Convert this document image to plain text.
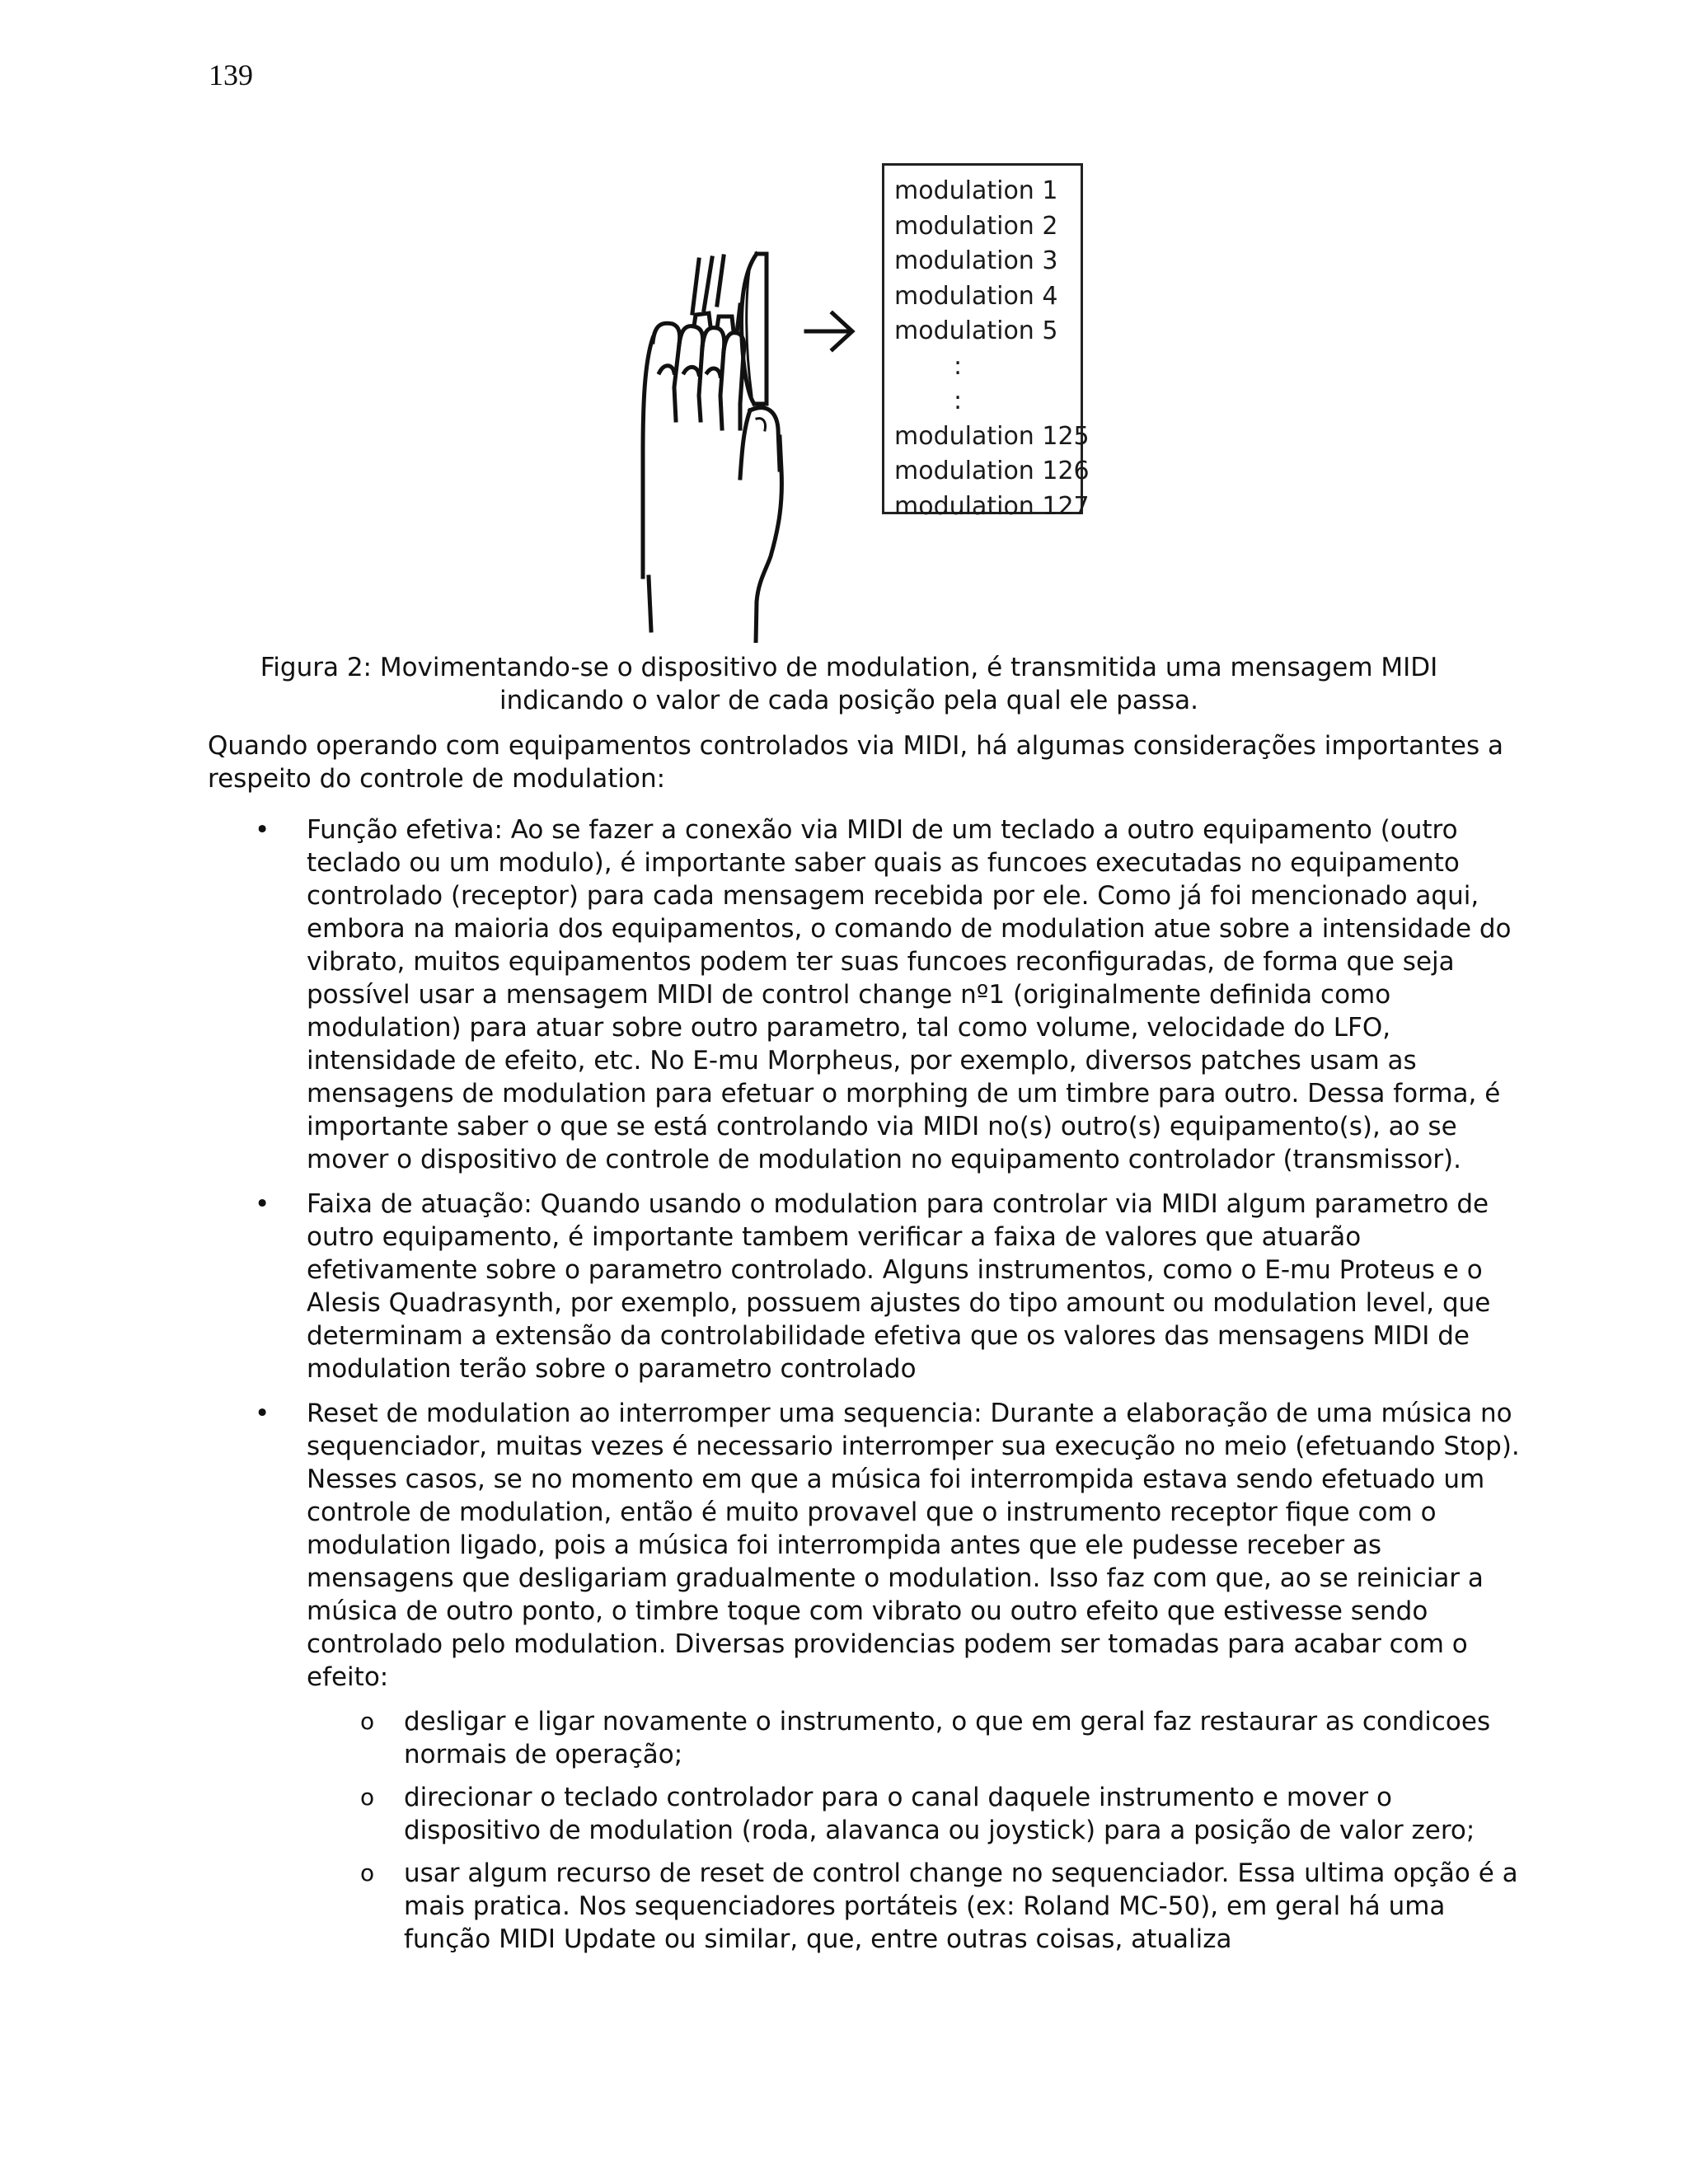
139
modulation 1
modulation 2
modulation 3
modulation 4
modulation 5
:
:
modulation 125
modulation 126
modulation 127
Figura 2: Movimentando-se o dispositivo de modulation, é transmitida uma mensagem MIDI
indicando o valor de cada posição pela qual ele passa.

Quando operando com equipamentos controlados via MIDI, há algumas considerações importantes a respeito do controle de modulation:

• Função efetiva: Ao se fazer a conexão via MIDI de um teclado a outro equipamento (outro teclado ou um modulo), é importante saber quais as funcoes executadas no equipamento controlado (receptor) para cada mensagem recebida por ele. Como já foi mencionado aqui, embora na maioria dos equipamentos, o comando de modulation atue sobre a intensidade do vibrato, muitos equipamentos podem ter suas funcoes reconfiguradas, de forma que seja possível usar a mensagem MIDI de control change nº1 (originalmente definida como modulation) para atuar sobre outro parametro, tal como volume, velocidade do LFO, intensidade de efeito, etc. No E-mu Morpheus, por exemplo, diversos patches usam as mensagens de modulation para efetuar o morphing de um timbre para outro. Dessa forma, é importante saber o que se está controlando via MIDI no(s) outro(s) equipamento(s), ao se mover o dispositivo de controle de modulation no equipamento controlador (transmissor).
• Faixa de atuação: Quando usando o modulation para controlar via MIDI algum parametro de outro equipamento, é importante tambem verificar a faixa de valores que atuarão efetivamente sobre o parametro controlado. Alguns instrumentos, como o E-mu Proteus e o Alesis Quadrasynth, por exemplo, possuem ajustes do tipo amount ou modulation level, que determinam a extensão da controlabilidade efetiva que os valores das mensagens MIDI de modulation terão sobre o parametro controlado
• Reset de modulation ao interromper uma sequencia: Durante a elaboração de uma música no sequenciador, muitas vezes é necessario interromper sua execução no meio (efetuando Stop). Nesses casos, se no momento em que a música foi interrompida estava sendo efetuado um controle de modulation, então é muito provavel que o instrumento receptor fique com o modulation ligado, pois a música foi interrompida antes que ele pudesse receber as mensagens que desligariam gradualmente o modulation. Isso faz com que, ao se reiniciar a música de outro ponto, o timbre toque com vibrato ou outro efeito que estivesse sendo controlado pelo modulation. Diversas providencias podem ser tomadas para acabar com o efeito:
o desligar e ligar novamente o instrumento, o que em geral faz restaurar as condicoes normais de operação;
o direcionar o teclado controlador para o canal daquele instrumento e mover o dispositivo de modulation (roda, alavanca ou joystick) para a posição de valor zero;
o usar algum recurso de reset de control change no sequenciador. Essa ultima opção é a mais pratica. Nos sequenciadores portáteis (ex: Roland MC-50), em geral há uma função MIDI Update ou similar, que, entre outras coisas, atualiza
